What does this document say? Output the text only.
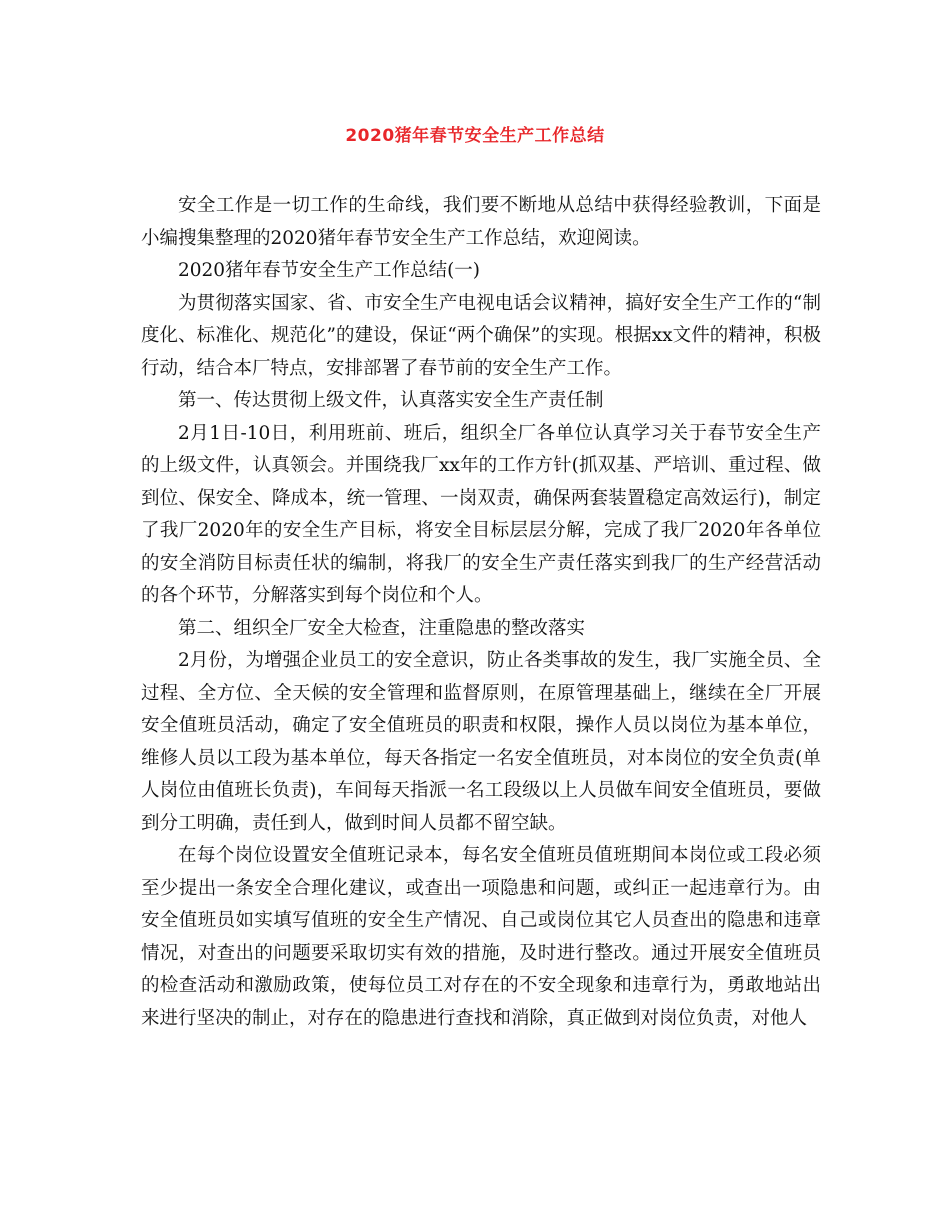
2020猪年春节安全生产工作总结

安全工作是一切工作的生命线，我们要不断地从总结中获得经验教训，下面是小编搜集整理的2020猪年春节安全生产工作总结，欢迎阅读。

2020猪年春节安全生产工作总结(一)

为贯彻落实国家、省、市安全生产电视电话会议精神，搞好安全生产工作的“制度化、标准化、规范化”的建设，保证“两个确保”的实现。根据xx文件的精神，积极行动，结合本厂特点，安排部署了春节前的安全生产工作。

第一、传达贯彻上级文件，认真落实安全生产责任制

2月1日-10日，利用班前、班后，组织全厂各单位认真学习关于春节安全生产的上级文件，认真领会。并围绕我厂xx年的工作方针(抓双基、严培训、重过程、做到位、保安全、降成本，统一管理、一岗双责，确保两套装置稳定高效运行)，制定了我厂2020年的安全生产目标，将安全目标层层分解，完成了我厂2020年各单位的安全消防目标责任状的编制，将我厂的安全生产责任落实到我厂的生产经营活动的各个环节，分解落实到每个岗位和个人。

第二、组织全厂安全大检查，注重隐患的整改落实

2月份，为增强企业员工的安全意识，防止各类事故的发生，我厂实施全员、全过程、全方位、全天候的安全管理和监督原则，在原管理基础上，继续在全厂开展安全值班员活动，确定了安全值班员的职责和权限，操作人员以岗位为基本单位，维修人员以工段为基本单位，每天各指定一名安全值班员，对本岗位的安全负责(单人岗位由值班长负责)，车间每天指派一名工段级以上人员做车间安全值班员，要做到分工明确，责任到人，做到时间人员都不留空缺。

在每个岗位设置安全值班记录本，每名安全值班员值班期间本岗位或工段必须至少提出一条安全合理化建议，或查出一项隐患和问题，或纠正一起违章行为。由安全值班员如实填写值班的安全生产情况、自己或岗位其它人员查出的隐患和违章情况，对查出的问题要采取切实有效的措施，及时进行整改。通过开展安全值班员的检查活动和激励政策，使每位员工对存在的不安全现象和违章行为，勇敢地站出来进行坚决的制止，对存在的隐患进行查找和消除，真正做到对岗位负责，对他人
